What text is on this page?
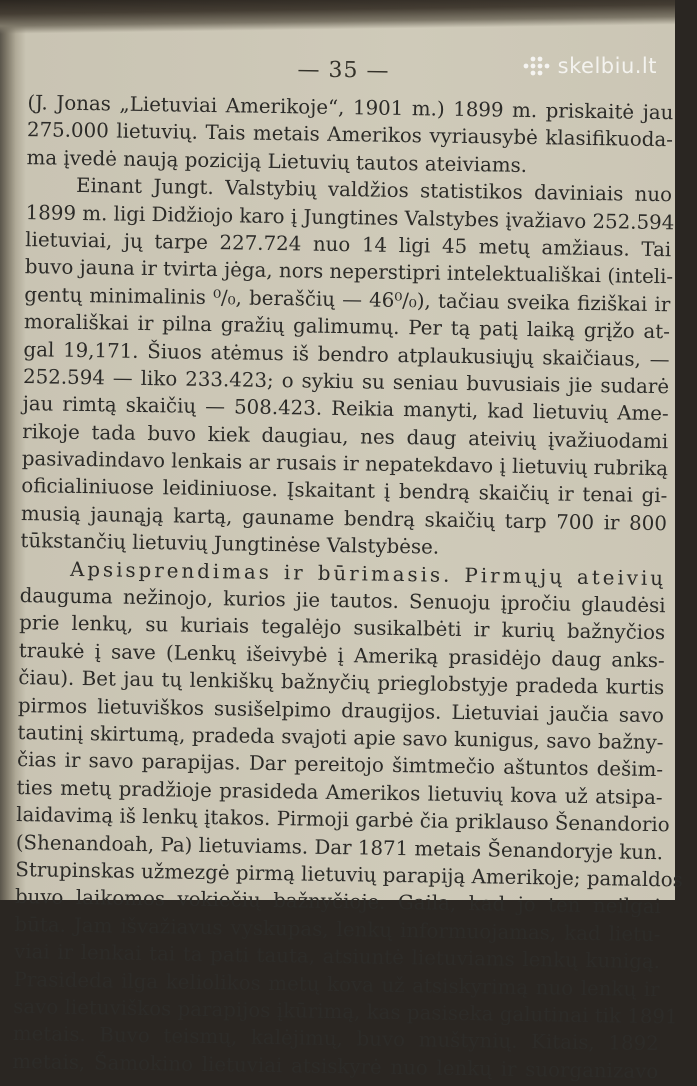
skelbiu.lt
— 35 —
(J. Jonas „Lietuviai Amerikoje“, 1901 m.) 1899 m. priskaitė jau
275.000 lietuvių. Tais metais Amerikos vyriausybė klasifikuoda-
ma įvedė naują poziciją Lietuvių tautos ateiviams.
Einant Jungt. Valstybių valdžios statistikos daviniais nuo
1899 m. ligi Didžiojo karo į Jungtines Valstybes įvažiavo 252.594
lietuviai, jų tarpe 227.724 nuo 14 ligi 45 metų amžiaus. Tai
buvo jauna ir tvirta jėga, nors neperstipri intelektuališkai (inteli-
gentų minimalinis ⁰/₀, beraščių — 46⁰/₀), tačiau sveika fiziškai ir
morališkai ir pilna gražių galimumų. Per tą patį laiką grįžo at-
gal 19,171. Šiuos atėmus iš bendro atplaukusiųjų skaičiaus, —
252.594 — liko 233.423; o sykiu su seniau buvusiais jie sudarė
jau rimtą skaičių — 508.423. Reikia manyti, kad lietuvių Ame-
rikoje tada buvo kiek daugiau, nes daug ateivių įvažiuodami
pasivadindavo lenkais ar rusais ir nepatekdavo į lietuvių rubriką
oficialiniuose leidiniuose. Įskaitant į bendrą skaičių ir tenai gi-
musią jaunąją kartą, gauname bendrą skaičių tarp 700 ir 800
tūkstančių lietuvių Jungtinėse Valstybėse.
Apsisprendimas ir būrimasis. Pirmųjų ateivių
dauguma nežinojo, kurios jie tautos. Senuoju įpročiu glaudėsi
prie lenkų, su kuriais tegalėjo susikalbėti ir kurių bažnyčios
traukė į save (Lenkų išeivybė į Ameriką prasidėjo daug anks-
čiau). Bet jau tų lenkiškų bažnyčių prieglobstyje pradeda kurtis
pirmos lietuviškos susišelpimo draugijos. Lietuviai jaučia savo
tautinį skirtumą, pradeda svajoti apie savo kunigus, savo bažny-
čias ir savo parapijas. Dar pereitojo šimtmečio aštuntos dešim-
ties metų pradžioje prasideda Amerikos lietuvių kova už atsipa-
laidavimą iš lenkų įtakos. Pirmoji garbė čia priklauso Šenandorio
(Shenandoah, Pa) lietuviams. Dar 1871 metais Šenandoryje kun.
Strupinskas užmezgė pirmą lietuvių parapiją Amerikoje; pamaldos
buvo laikomos vokiečių bažnyčioje. Gaila, kad jo ten neilgai
būta. Jam išvažiavus vyskupas, lenkų informuojamas, kad lietu-
viai ir lenkai tai ta pati tauta, atsiuntė lietuviams lenkų kunigą.
Prasideda ilga keliolikos metų kova už atsiskyrimą nuo lenkų ir
savo lietuviškos parapijos įkūrimą, kas pasiseka galutinai tik 1891
metais. Buvo teismų, kalėjimų, buvo muštynių. Kitais, 1892
metais, Šamokino lietuviai atsiskyrė nuo lenkų ir suorganizavo
